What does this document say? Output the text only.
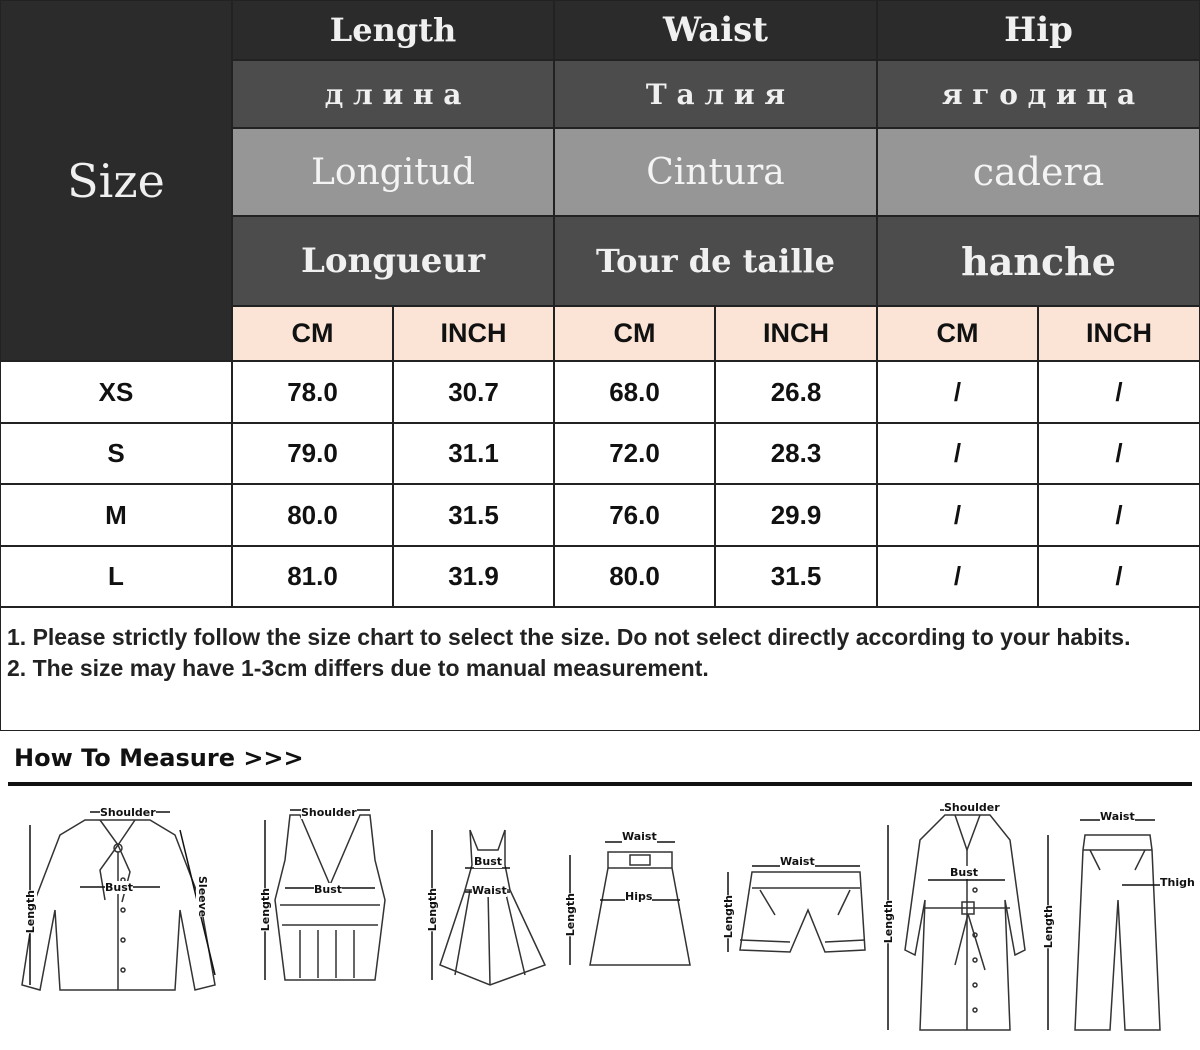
Size
Length
д л и н а
Longitud
Longueur
Waist
Т а л и я
Cintura
Tour de taille
Hip
я г о д и ц а
cadera
hanche
CM	INCH	CM	INCH	CM	INCH
XS	78.0	30.7	68.0	26.8	/	/
S	79.0	31.1	72.0	28.3	/	/
M	80.0	31.5	76.0	29.9	/	/
L	81.0	31.9	80.0	31.5	/	/
1. Please strictly follow the size chart to select the size. Do not select directly according to your habits.
2. The size may have 1-3cm differs due to manual measurement.
How To Measure >>>
Shoulder
Bust	Sleeve
Length
Shoulder
Bust
Length
Bust
Waist
Length
Waist
Hips
Length
Waist
Length
Shoulder
Bust
Length
Waist
Thigh
Length
